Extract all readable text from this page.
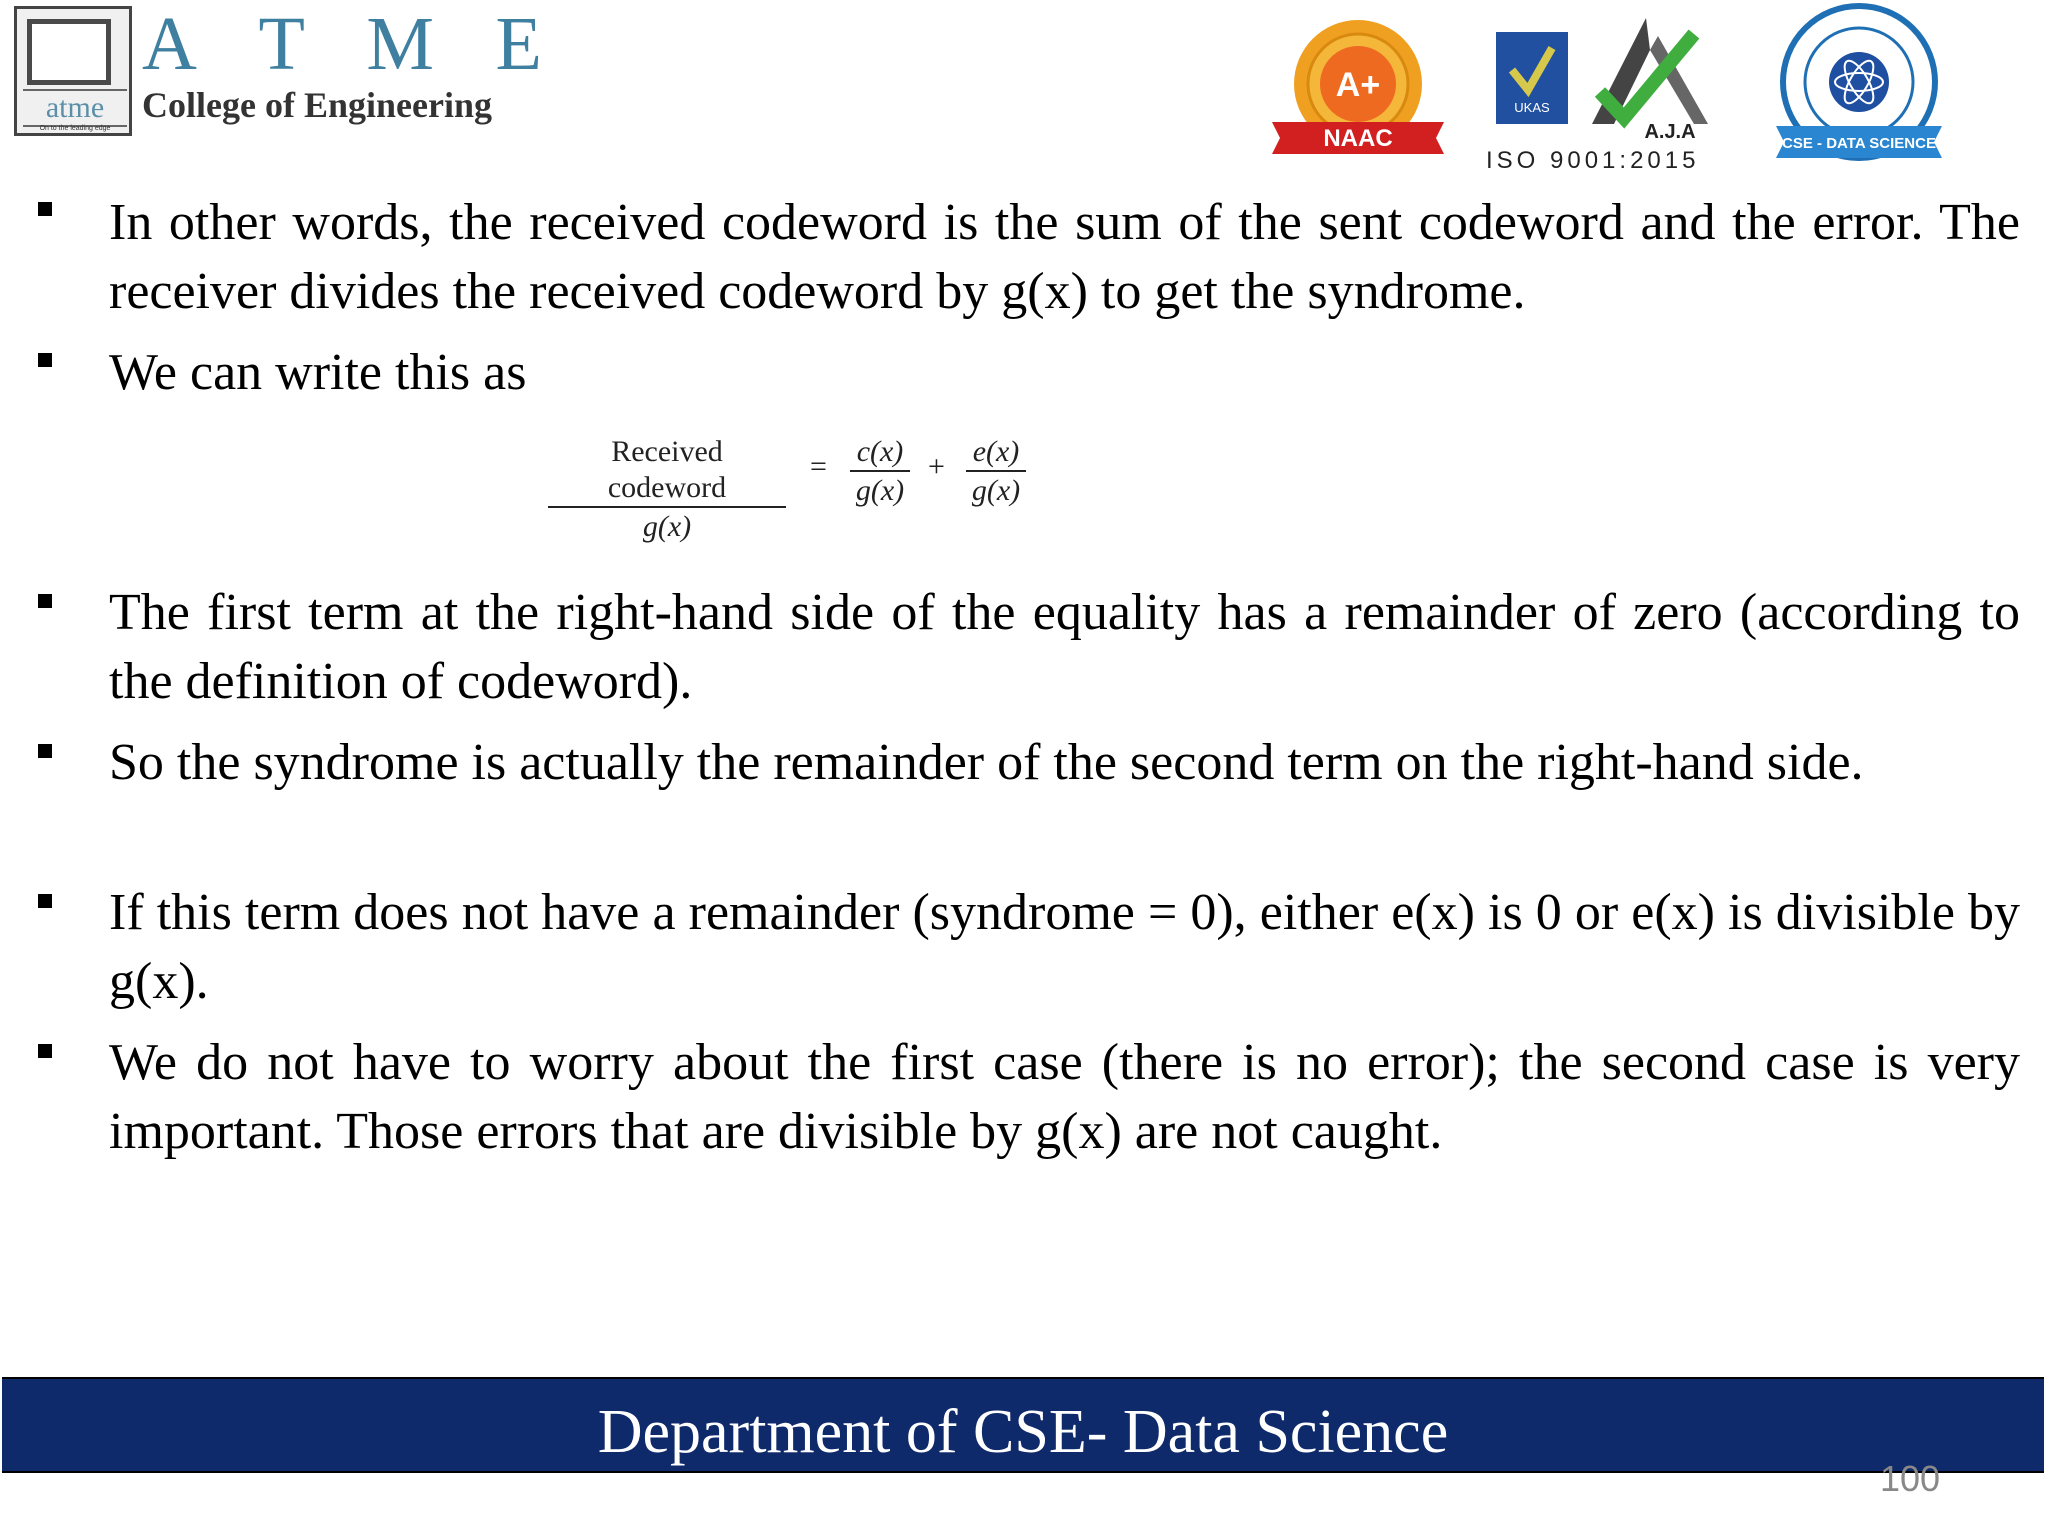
atme
On to the leading edge
A T M E
College of Engineering	A+
NAAC
UKAS
A.J.A
ISO 9001:2015
CSE - DATA SCIENCE
In other words, the received codeword is the sum of the sent codeword and the error. The receiver divides the received codeword by g(x) to get the syndrome.
We can write this as
Received codeword
g(x)
= $\frac{c(x)}{g(x)} + \frac{e(x)}{g(x)}$
The first term at the right-hand side of the equality has a remainder of zero (according to the definition of codeword).
So the syndrome is actually the remainder of the second term on the right-hand side.
If this term does not have a remainder (syndrome = 0), either e(x) is 0 or e(x) is divisible by g(x).
We do not have to worry about the first case (there is no error); the second case is very important. Those errors that are divisible by g(x) are not caught.
Department of CSE- Data Science
100
